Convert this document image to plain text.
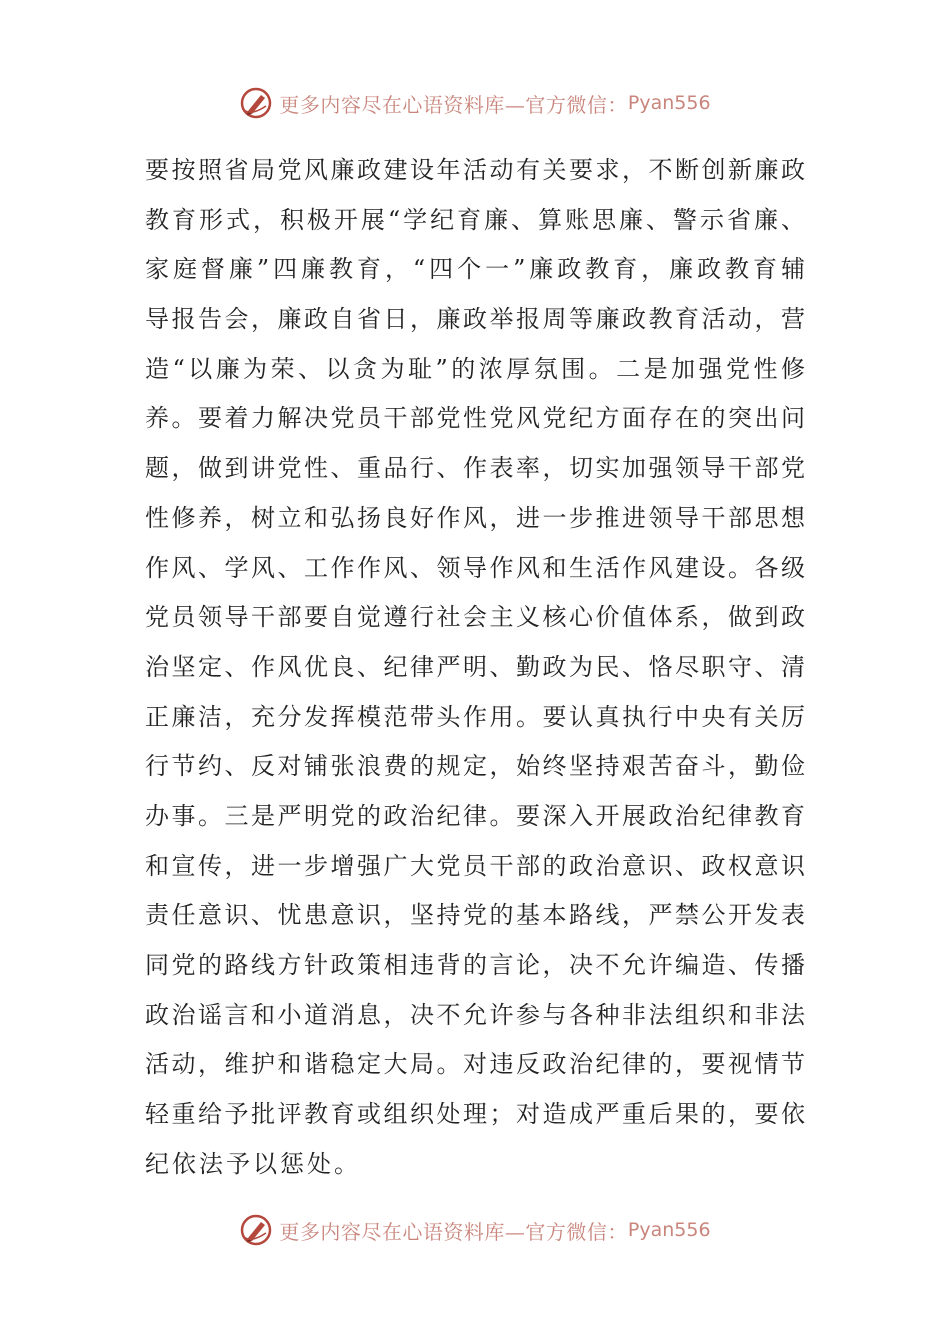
更多内容尽在心语资料库—官方微信： Pyan556
要按照省局党风廉政建设年活动有关要求，不断创新廉政
教育形式，积极开展“学纪育廉、算账思廉、警示省廉、
家庭督廉”四廉教育，“四个一”廉政教育，廉政教育辅
导报告会，廉政自省日，廉政举报周等廉政教育活动，营
造“以廉为荣、以贪为耻”的浓厚氛围。二是加强党性修
养。要着力解决党员干部党性党风党纪方面存在的突出问
题，做到讲党性、重品行、作表率，切实加强领导干部党
性修养，树立和弘扬良好作风，进一步推进领导干部思想
作风、学风、工作作风、领导作风和生活作风建设。各级
党员领导干部要自觉遵行社会主义核心价值体系，做到政
治坚定、作风优良、纪律严明、勤政为民、恪尽职守、清
正廉洁，充分发挥模范带头作用。要认真执行中央有关厉
行节约、反对铺张浪费的规定，始终坚持艰苦奋斗，勤俭
办事。三是严明党的政治纪律。要深入开展政治纪律教育
和宣传，进一步增强广大党员干部的政治意识、政权意识
责任意识、忧患意识，坚持党的基本路线，严禁公开发表
同党的路线方针政策相违背的言论，决不允许编造、传播
政治谣言和小道消息，决不允许参与各种非法组织和非法
活动，维护和谐稳定大局。对违反政治纪律的，要视情节
轻重给予批评教育或组织处理；对造成严重后果的，要依
纪依法予以惩处。
更多内容尽在心语资料库—官方微信： Pyan556
